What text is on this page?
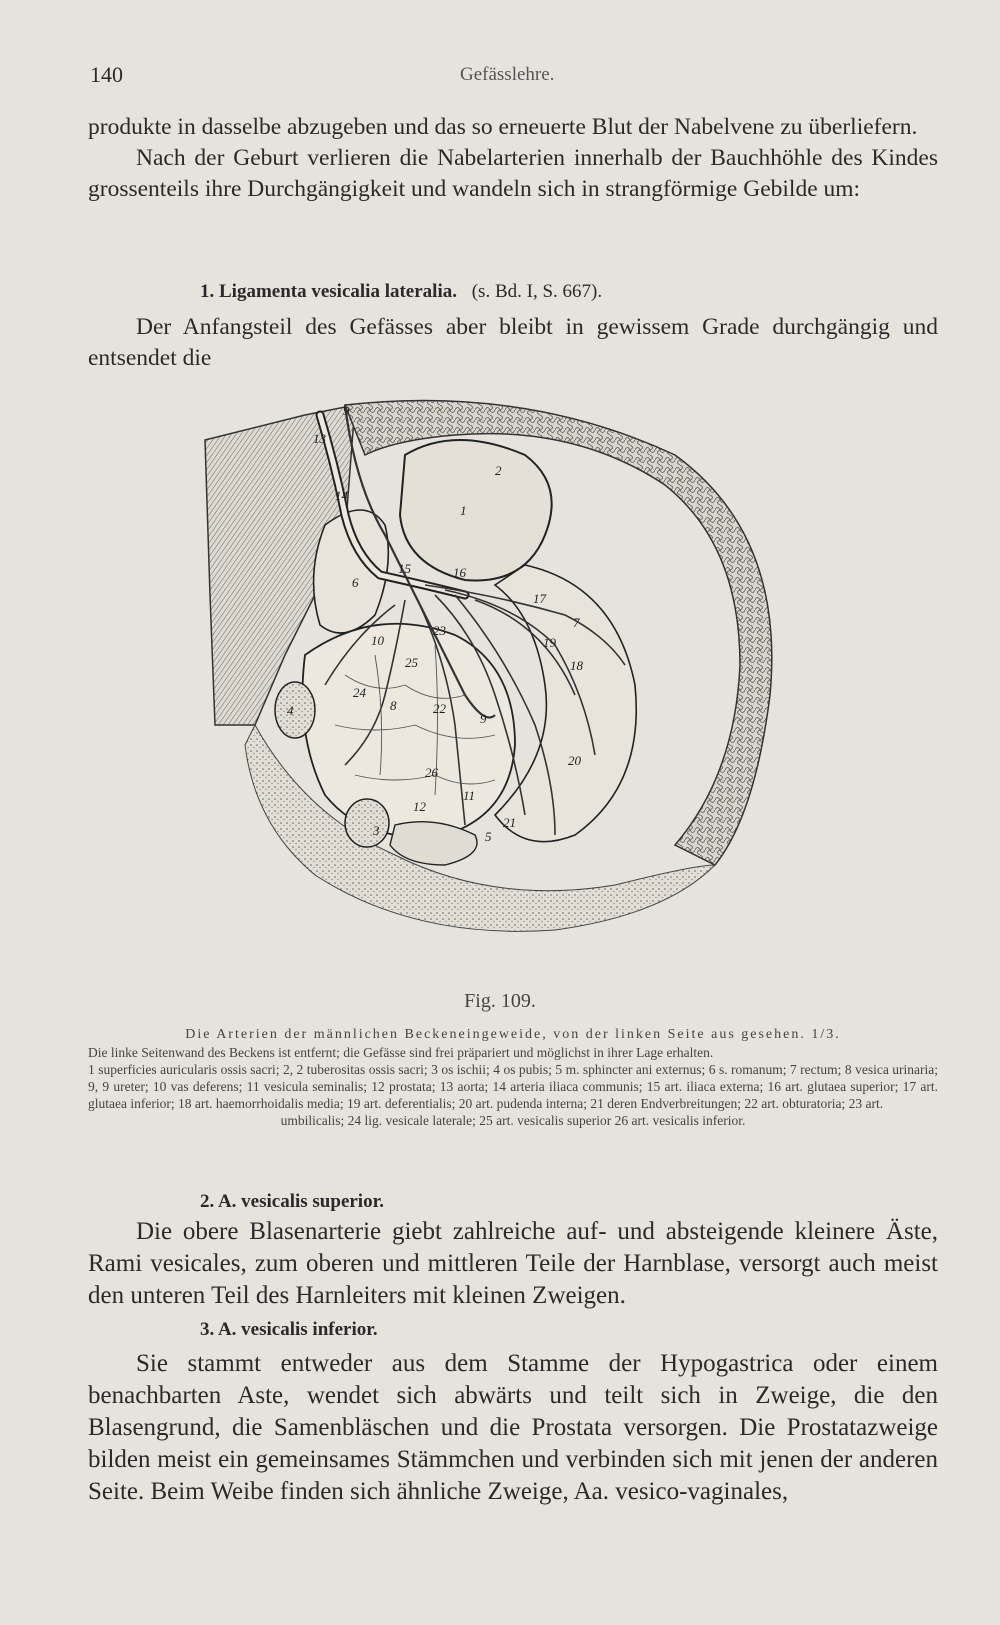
140	Gefässlehre.
produkte in dasselbe abzugeben und das so erneuerte Blut der Nabelvene zu überliefern.
Nach der Geburt verlieren die Nabelarterien innerhalb der Bauchhöhle des Kindes grossenteils ihre Durchgängigkeit und wandeln sich in strangförmige Gebilde um:
1. Ligamenta vesicalia lateralia. (s. Bd. I, S. 667).
Der Anfangsteil des Gefässes aber bleibt in gewissem Grade durchgängig und entsendet die
1
2
3
4
5
6
7
8
9
9
10
11
12
13
14
15	16
17
18
19
20
21
22
23
24
25
26
Fig. 109.
Die Arterien der männlichen Beckeneingeweide, von der linken Seite aus gesehen. 1/3.
Die linke Seitenwand des Beckens ist entfernt; die Gefässe sind frei präpariert und möglichst in ihrer Lage erhalten.
1 superficies auricularis ossis sacri; 2, 2 tuberositas ossis sacri; 3 os ischii; 4 os pubis; 5 m. sphincter ani externus; 6 s. romanum; 7 rectum; 8 vesica urinaria; 9, 9 ureter; 10 vas deferens; 11 vesicula seminalis; 12 prostata; 13 aorta; 14 arteria iliaca communis; 15 art. iliaca externa; 16 art. glutaea superior; 17 art. glutaea inferior; 18 art. haemorrhoidalis media; 19 art. deferentialis; 20 art. pudenda interna; 21 deren Endverbreitungen; 22 art. obturatoria; 23 art.
umbilicalis; 24 lig. vesicale laterale; 25 art. vesicalis superior 26 art. vesicalis inferior.
2. A. vesicalis superior.
Die obere Blasenarterie giebt zahlreiche auf- und absteigende kleinere Äste, Rami vesicales, zum oberen und mittleren Teile der Harnblase, versorgt auch meist den unteren Teil des Harnleiters mit kleinen Zweigen.
3. A. vesicalis inferior.
Sie stammt entweder aus dem Stamme der Hypogastrica oder einem benachbarten Aste, wendet sich abwärts und teilt sich in Zweige, die den Blasengrund, die Samenbläschen und die Prostata versorgen. Die Prostatazweige bilden meist ein gemeinsames Stämmchen und verbinden sich mit jenen der anderen Seite. Beim Weibe finden sich ähnliche Zweige, Aa. vesico-vaginales,
